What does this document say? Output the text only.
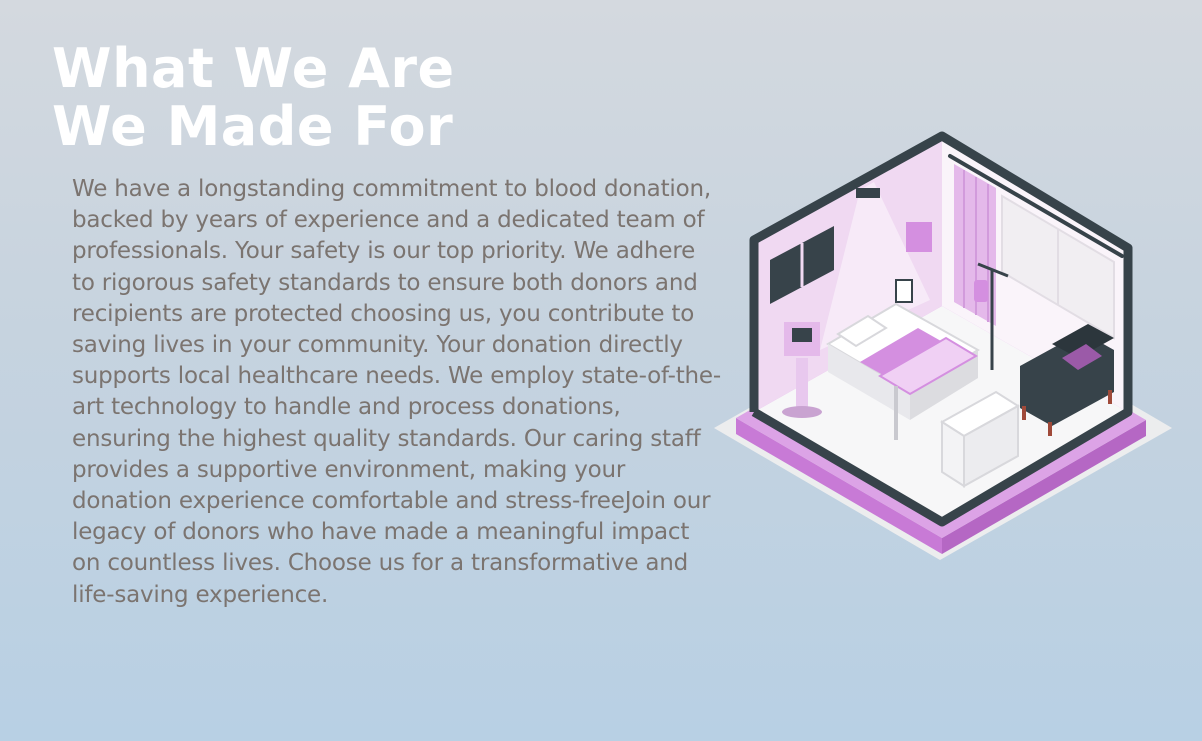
What We Are
We Made For

We have a longstanding commitment to blood donation, backed by years of experience and a dedicated team of professionals. Your safety is our top priority. We adhere to rigorous safety standards to ensure both donors and recipients are protected choosing us, you contribute to saving lives in your community. Your donation directly supports local healthcare needs. We employ state-of-the-art technology to handle and process donations, ensuring the highest quality standards. Our caring staff provides a supportive environment, making your donation experience comfortable and stress-freeJoin our legacy of donors who have made a meaningful impact on countless lives. Choose us for a transformative and life-saving experience.
